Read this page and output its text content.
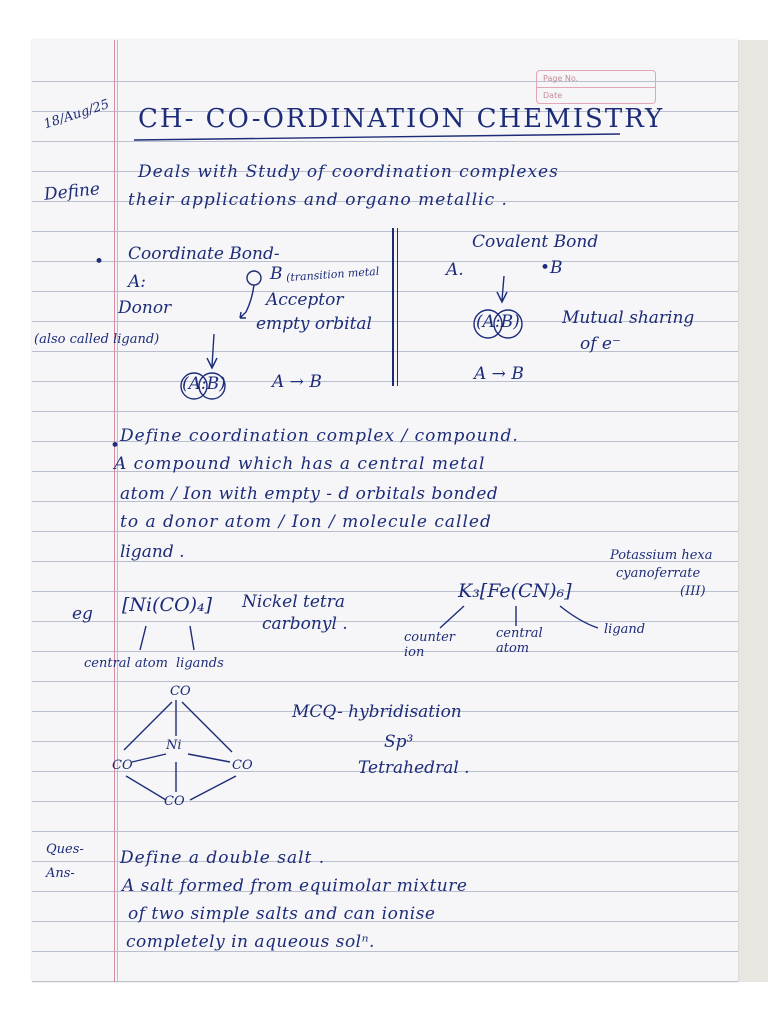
Page No.
Date
18/Aug/25 CH- CO-ORDINATION CHEMISTRY
Define
Deals with Study of coordination complexes
their applications and organo metallic .
• Coordinate Bond-
A:	B (transition metal
Donor	Acceptor
empty orbital
(also called ligand)
(A:B)	A → B
Covalent Bond
A.	•B
(A:B) Mutual sharing
of e⁻
A → B
• Define coordination complex / compound.
A compound which has a central metal
atom / Ion with empty - d orbitals bonded
to a donor atom / Ion / molecule called
ligand .
eg [Ni(CO)₄] Nickel tetra
carbonyl .
central atom ligands
K₃[Fe(CN)₆]
Potassium hexa
cyanoferrate
(III)
counter ion
central atom
ligand
CO
Ni
CO	CO
CO
MCQ- hybridisation
Sp³
Tetrahedral .
Ques-
Ans-
Define a double salt .
A salt formed from equimolar mixture
of two simple salts and can ionise
completely in aqueous solⁿ.
